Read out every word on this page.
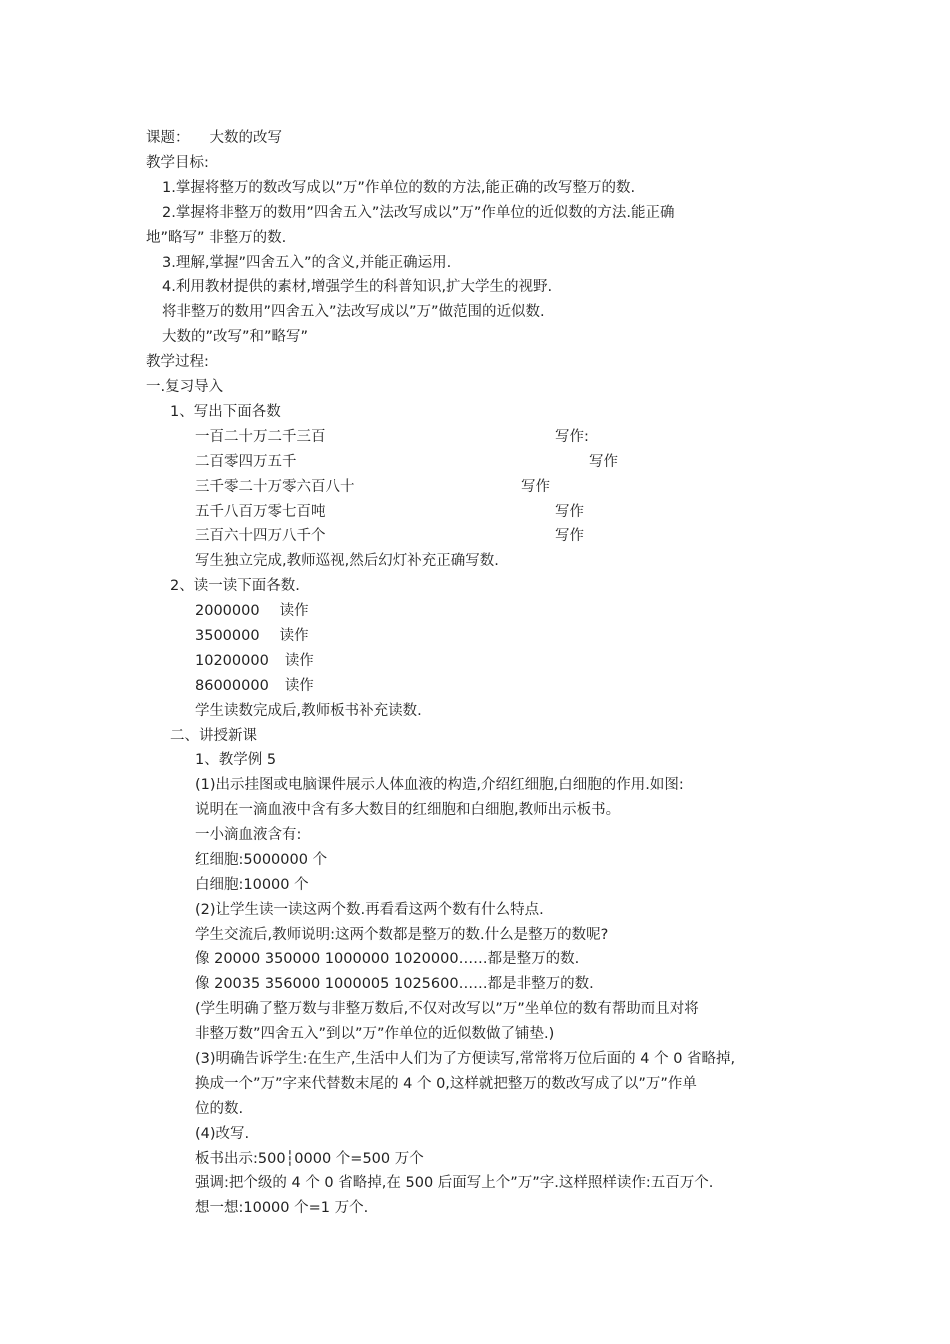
课题： 大数的改写
教学目标:
1.掌握将整万的数改写成以”万”作单位的数的方法,能正确的改写整万的数.
2.掌握将非整万的数用”四舍五入”法改写成以”万”作单位的近似数的方法.能正确
地”略写” 非整万的数.
3.理解,掌握”四舍五入”的含义,并能正确运用.
4.利用教材提供的素材,增强学生的科普知识,扩大学生的视野.
将非整万的数用”四舍五入”法改写成以”万”做范围的近似数.
大数的”改写”和”略写”
教学过程:
一.复习导入
1、写出下面各数
一百二十万二千三百	写作:
二百零四万五千	写作
三千零二十万零六百八十	写作
五千八百万零七百吨	写作
三百六十四万八千个	写作
写生独立完成,教师巡视,然后幻灯补充正确写数.
2、读一读下面各数.
2000000 读作
3500000 读作
10200000 读作
86000000 读作
学生读数完成后,教师板书补充读数.
二、讲授新课
1、教学例 5
(1)出示挂图或电脑课件展示人体血液的构造,介绍红细胞,白细胞的作用.如图:
说明在一滴血液中含有多大数目的红细胞和白细胞,教师出示板书。
一小滴血液含有:
红细胞:5000000 个
白细胞:10000 个
(2)让学生读一读这两个数.再看看这两个数有什么特点.
学生交流后,教师说明:这两个数都是整万的数.什么是整万的数呢?
像 20000 350000 1000000 1020000……都是整万的数.
像 20035 356000 1000005 1025600……都是非整万的数.
(学生明确了整万数与非整万数后,不仅对改写以”万”坐单位的数有帮助而且对将
非整万数”四舍五入”到以”万”作单位的近似数做了铺垫.)
(3)明确告诉学生:在生产,生活中人们为了方便读写,常常将万位后面的 4 个 0 省略掉,
换成一个”万”字来代替数末尾的 4 个 0,这样就把整万的数改写成了以”万”作单
位的数.
(4)改写.
板书出示:500┆0000 个=500 万个
强调:把个级的 4 个 0 省略掉,在 500 后面写上个”万”字.这样照样读作:五百万个.
想一想:10000 个=1 万个.
